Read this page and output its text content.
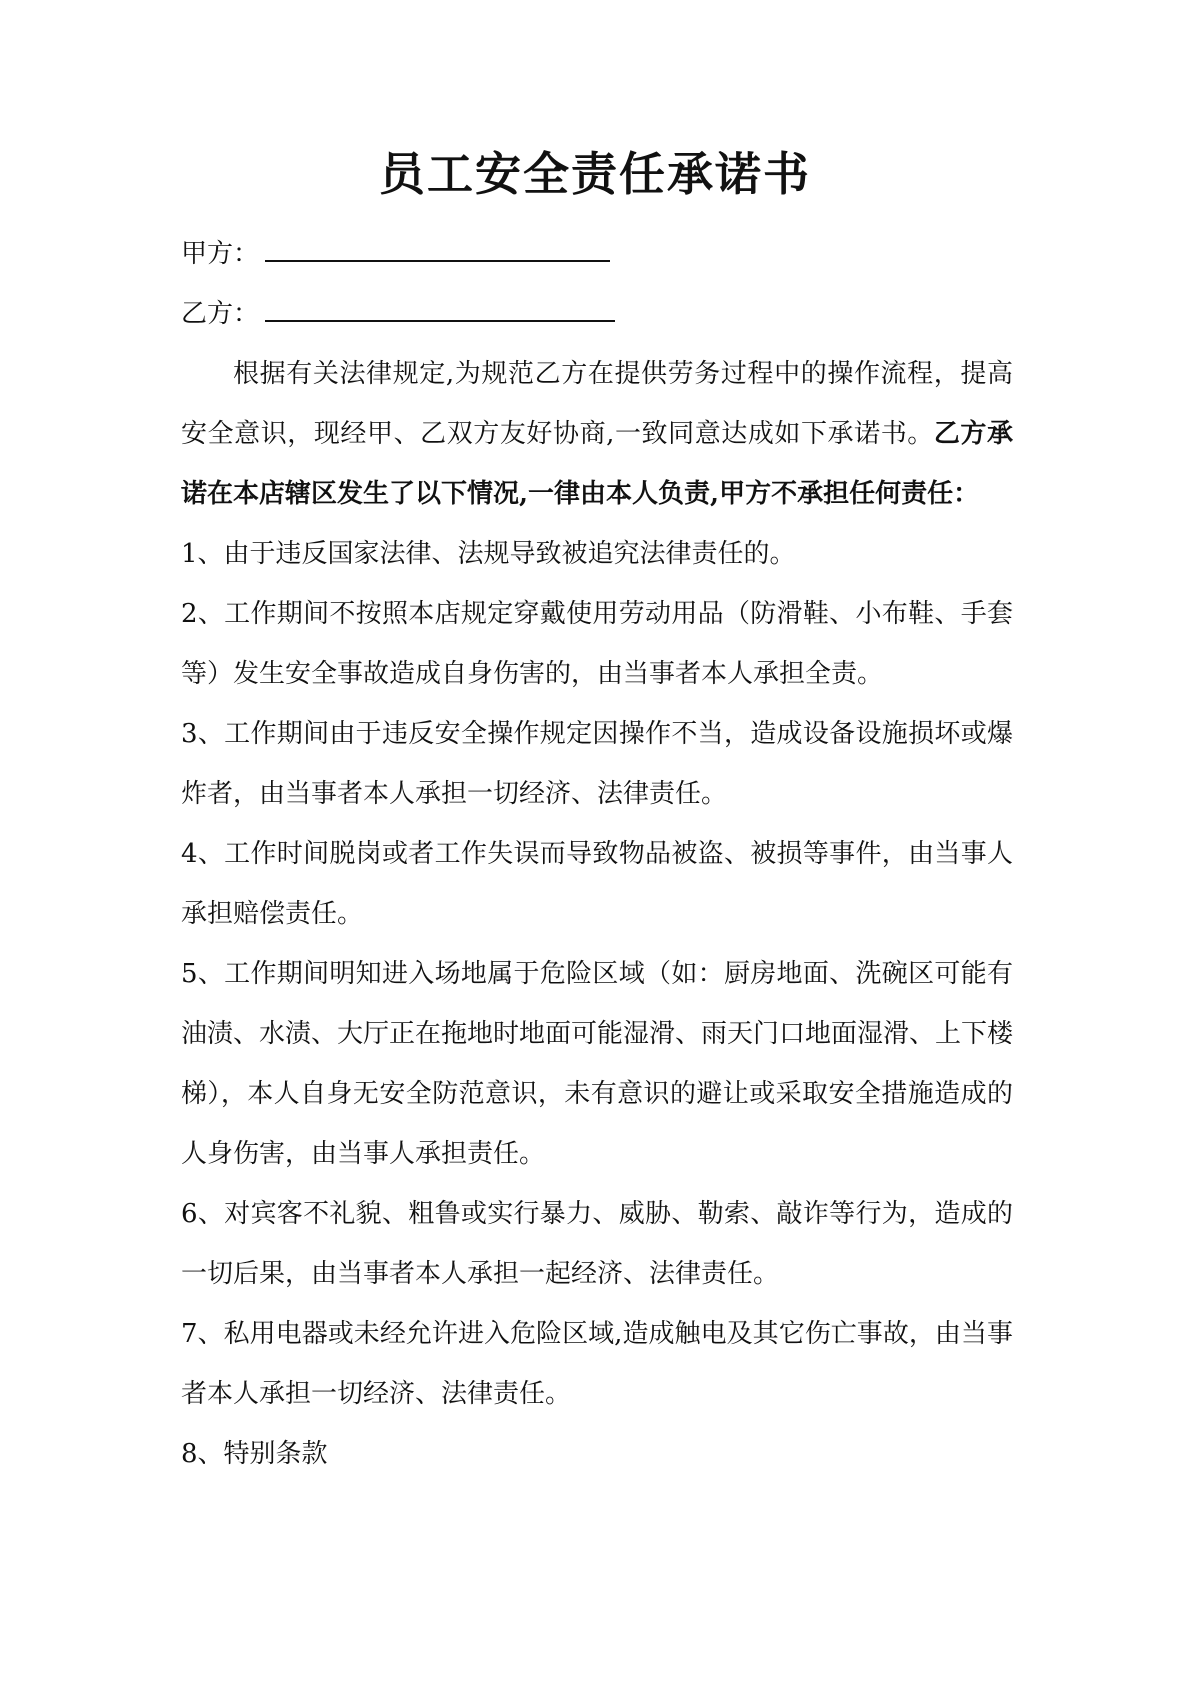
员工安全责任承诺书
甲方：
乙方：

根据有关法律规定,为规范乙方在提供劳务过程中的操作流程，提高安全意识，现经甲、乙双方友好协商,一致同意达成如下承诺书。乙方承诺在本店辖区发生了以下情况,一律由本人负责,甲方不承担任何责任：

1、由于违反国家法律、法规导致被追究法律责任的。

2、工作期间不按照本店规定穿戴使用劳动用品（防滑鞋、小布鞋、手套等）发生安全事故造成自身伤害的，由当事者本人承担全责。

3、工作期间由于违反安全操作规定因操作不当，造成设备设施损坏或爆炸者，由当事者本人承担一切经济、法律责任。

4、工作时间脱岗或者工作失误而导致物品被盗、被损等事件，由当事人承担赔偿责任。

5、工作期间明知进入场地属于危险区域（如：厨房地面、洗碗区可能有油渍、水渍、大厅正在拖地时地面可能湿滑、雨天门口地面湿滑、上下楼梯），本人自身无安全防范意识，未有意识的避让或采取安全措施造成的人身伤害，由当事人承担责任。

6、对宾客不礼貌、粗鲁或实行暴力、威胁、勒索、敲诈等行为，造成的一切后果，由当事者本人承担一起经济、法律责任。

7、私用电器或未经允许进入危险区域,造成触电及其它伤亡事故，由当事者本人承担一切经济、法律责任。

8、特别条款
